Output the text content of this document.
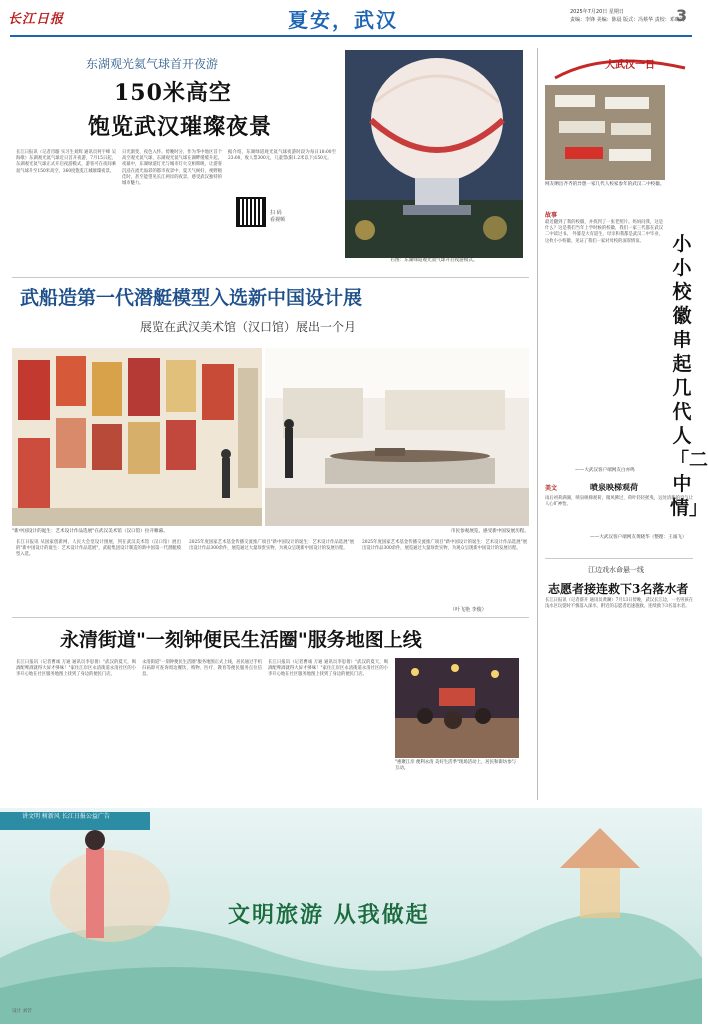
长江日报	夏安，武汉	2025年7月20日 星期日
责编：李锋 美编：陈晨 版式：冯蔡华 责校：邓晓霞
3
东湖观光氦气球首开夜游
150米高空
饱览武汉璀璨夜景
长江日报讯（记者肖璇 实习生刘辉 通讯员何宇峰 吴海歌）东湖观光氦气球近日首开夜游，7月15日起，东湖观光氦气球正式开启夜游模式，游客可在夜间乘氦气球升至150米高空，360度饱览江城璀璨夜景。
日光渐变，夜色入怀。傍晚时分，作为华中地区首个高空观光氦气球，东湖观光氦气球在湖畔缓缓升起。夜幕中，东湖绿道灯光与城市灯火交相辉映，让游客沉浸在流光溢彩的都市夜景中，夏天气候好，视野极佳时，甚至能望见长江两岸的夜景，感受武汉独特的城市魅力。
据介绍，东湖绿道观光氦气球夜游时段为每日18:00至23:00，收人票300元，儿童票(限1.2米以下)150元。
扫 码
看视频
右图：东湖绿道观光氦气球开启夜游模式。
武船造第一代潜艇模型入选新中国设计展
展览在武汉美术馆（汉口馆）展出一个月
"新中国设计的诞生：艺术设计作品选展"在武汉美术馆（汉口馆）拉开帷幕。	市民参观展览，感受新中国发展历程。
长江日报讯 从国家创新网、人民大会堂设计围展，到在武汉美术馆（汉口馆）展出的"新中国设计的诞生：艺术设计作品选展"，武船集团设计制造的新中国第一代潜艇模型入选。
2025年度国家艺术基金传播交流推广项目"新中国设计的诞生：艺术设计作品选展"展出设计作品300余件，展览通过大量珍贵实物，为观众呈现新中国设计的发展历程。
2025年度国家艺术基金传播交流推广项目"新中国设计的诞生：艺术设计作品选展"展出设计作品300余件，展览通过大量珍贵实物，为观众呈现新中国设计的发展历程。
（叶飞艳 李俊）
永清街道"一刻钟便民生活圈"服务地图上线
长江日报讯（记者曹诚 万通 通讯员李思倩）"武汉的夏天，喝酒配啤酒就得大屏才够味！"家住江岸区永清街道永清社区的小李开心地在社区服务地图上找到了身边的便民门店。
永清街道"一刻钟便民生活圈"服务地图正式上线，居民通过手机扫码即可查询周边餐饮、购物、医疗、教育等便民服务点位信息。
长江日报讯（记者曹诚 万通 通讯员李思倩）"武汉的夏天，喝酒配啤酒就得大屏才够味！"家住江岸区永清街道永清社区的小李开心地在社区服务地图上找到了身边的便民门店。
"惠聚江岸 便利永清 美好生活季"现场活动上，居民和街坊参与互动。
大武汉一日
网友晒出齐齐的异想一家几代人校家参年的武汉二中校徽。
小小校徽串起几代人「二中情」
故事
最近翻到了我的校徽，并找到了一张老照片。妈妈问我，这是什么？这是我们当年上学时候的校徽，我们一家三代都在武汉二中读过书。 外婆是大有道生，母亲和我都是武汉二中毕业，这枚小小校徽，见证了我们一家对母校的深厚情谊。
——大武汉客户端网友白亦鸣
美文	喷泉映梯观荷
雨后初荷满湖，喷泉映梯观荷，微风拂过，荷叶轻轻摇曳，远处清新的空气让人心旷神怡。
——大武汉客户端网友黄晓华（整理：王诚飞）
江边戏水命悬一线
志愿者接连救下3名落水者
长江日报讯（记者蔡开 通讯员黄澜）7月13日傍晚，武汉长江边，一名男孩在浅水区玩耍时不慎落入深水，附近的志愿者迅速施救，连续救下3名落水者。
讲文明 树新风 长江日报公益广告
文明旅游 从我做起
设计 刘若
